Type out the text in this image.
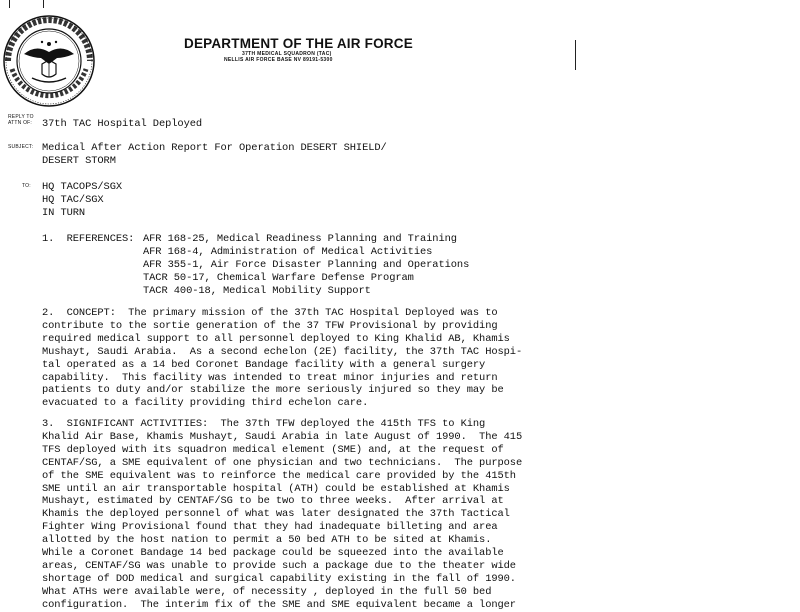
DEPARTMENT OF THE AIR FORCE
37TH MEDICAL SQUADRON (TAC)
NELLIS AIR FORCE BASE NV 89191-5300
REPLY TO
ATTN OF: 37th TAC Hospital Deployed
SUBJECT: Medical After Action Report For Operation DESERT SHIELD/
DESERT STORM
TO: HQ TACOPS/SGX
HQ TAC/SGX
IN TURN
1.  REFERENCES: AFR 168-25, Medical Readiness Planning and Training
AFR 168-4, Administration of Medical Activities
AFR 355-1, Air Force Disaster Planning and Operations
TACR 50-17, Chemical Warfare Defense Program
TACR 400-18, Medical Mobility Support
2.  CONCEPT:  The primary mission of the 37th TAC Hospital Deployed was to
contribute to the sortie generation of the 37 TFW Provisional by providing
required medical support to all personnel deployed to King Khalid AB, Khamis
Mushayt, Saudi Arabia.  As a second echelon (2E) facility, the 37th TAC Hospi-
tal operated as a 14 bed Coronet Bandage facility with a general surgery
capability.  This facility was intended to treat minor injuries and return
patients to duty and/or stabilize the more seriously injured so they may be
evacuated to a facility providing third echelon care.
3.  SIGNIFICANT ACTIVITIES:  The 37th TFW deployed the 415th TFS to King
Khalid Air Base, Khamis Mushayt, Saudi Arabia in late August of 1990.  The 415
TFS deployed with its squadron medical element (SME) and, at the request of
CENTAF/SG, a SME equivalent of one physician and two technicians.  The purpose
of the SME equivalent was to reinforce the medical care provided by the 415th
SME until an air transportable hospital (ATH) could be established at Khamis
Mushayt, estimated by CENTAF/SG to be two to three weeks.  After arrival at
Khamis the deployed personnel of what was later designated the 37th Tactical
Fighter Wing Provisional found that they had inadequate billeting and area
allotted by the host nation to permit a 50 bed ATH to be sited at Khamis.
While a Coronet Bandage 14 bed package could be squeezed into the available
areas, CENTAF/SG was unable to provide such a package due to the theater wide
shortage of DOD medical and surgical capability existing in the fall of 1990.
What ATHs were available were, of necessity , deployed in the full 50 bed
configuration.  The interim fix of the SME and SME equivalent became a longer
